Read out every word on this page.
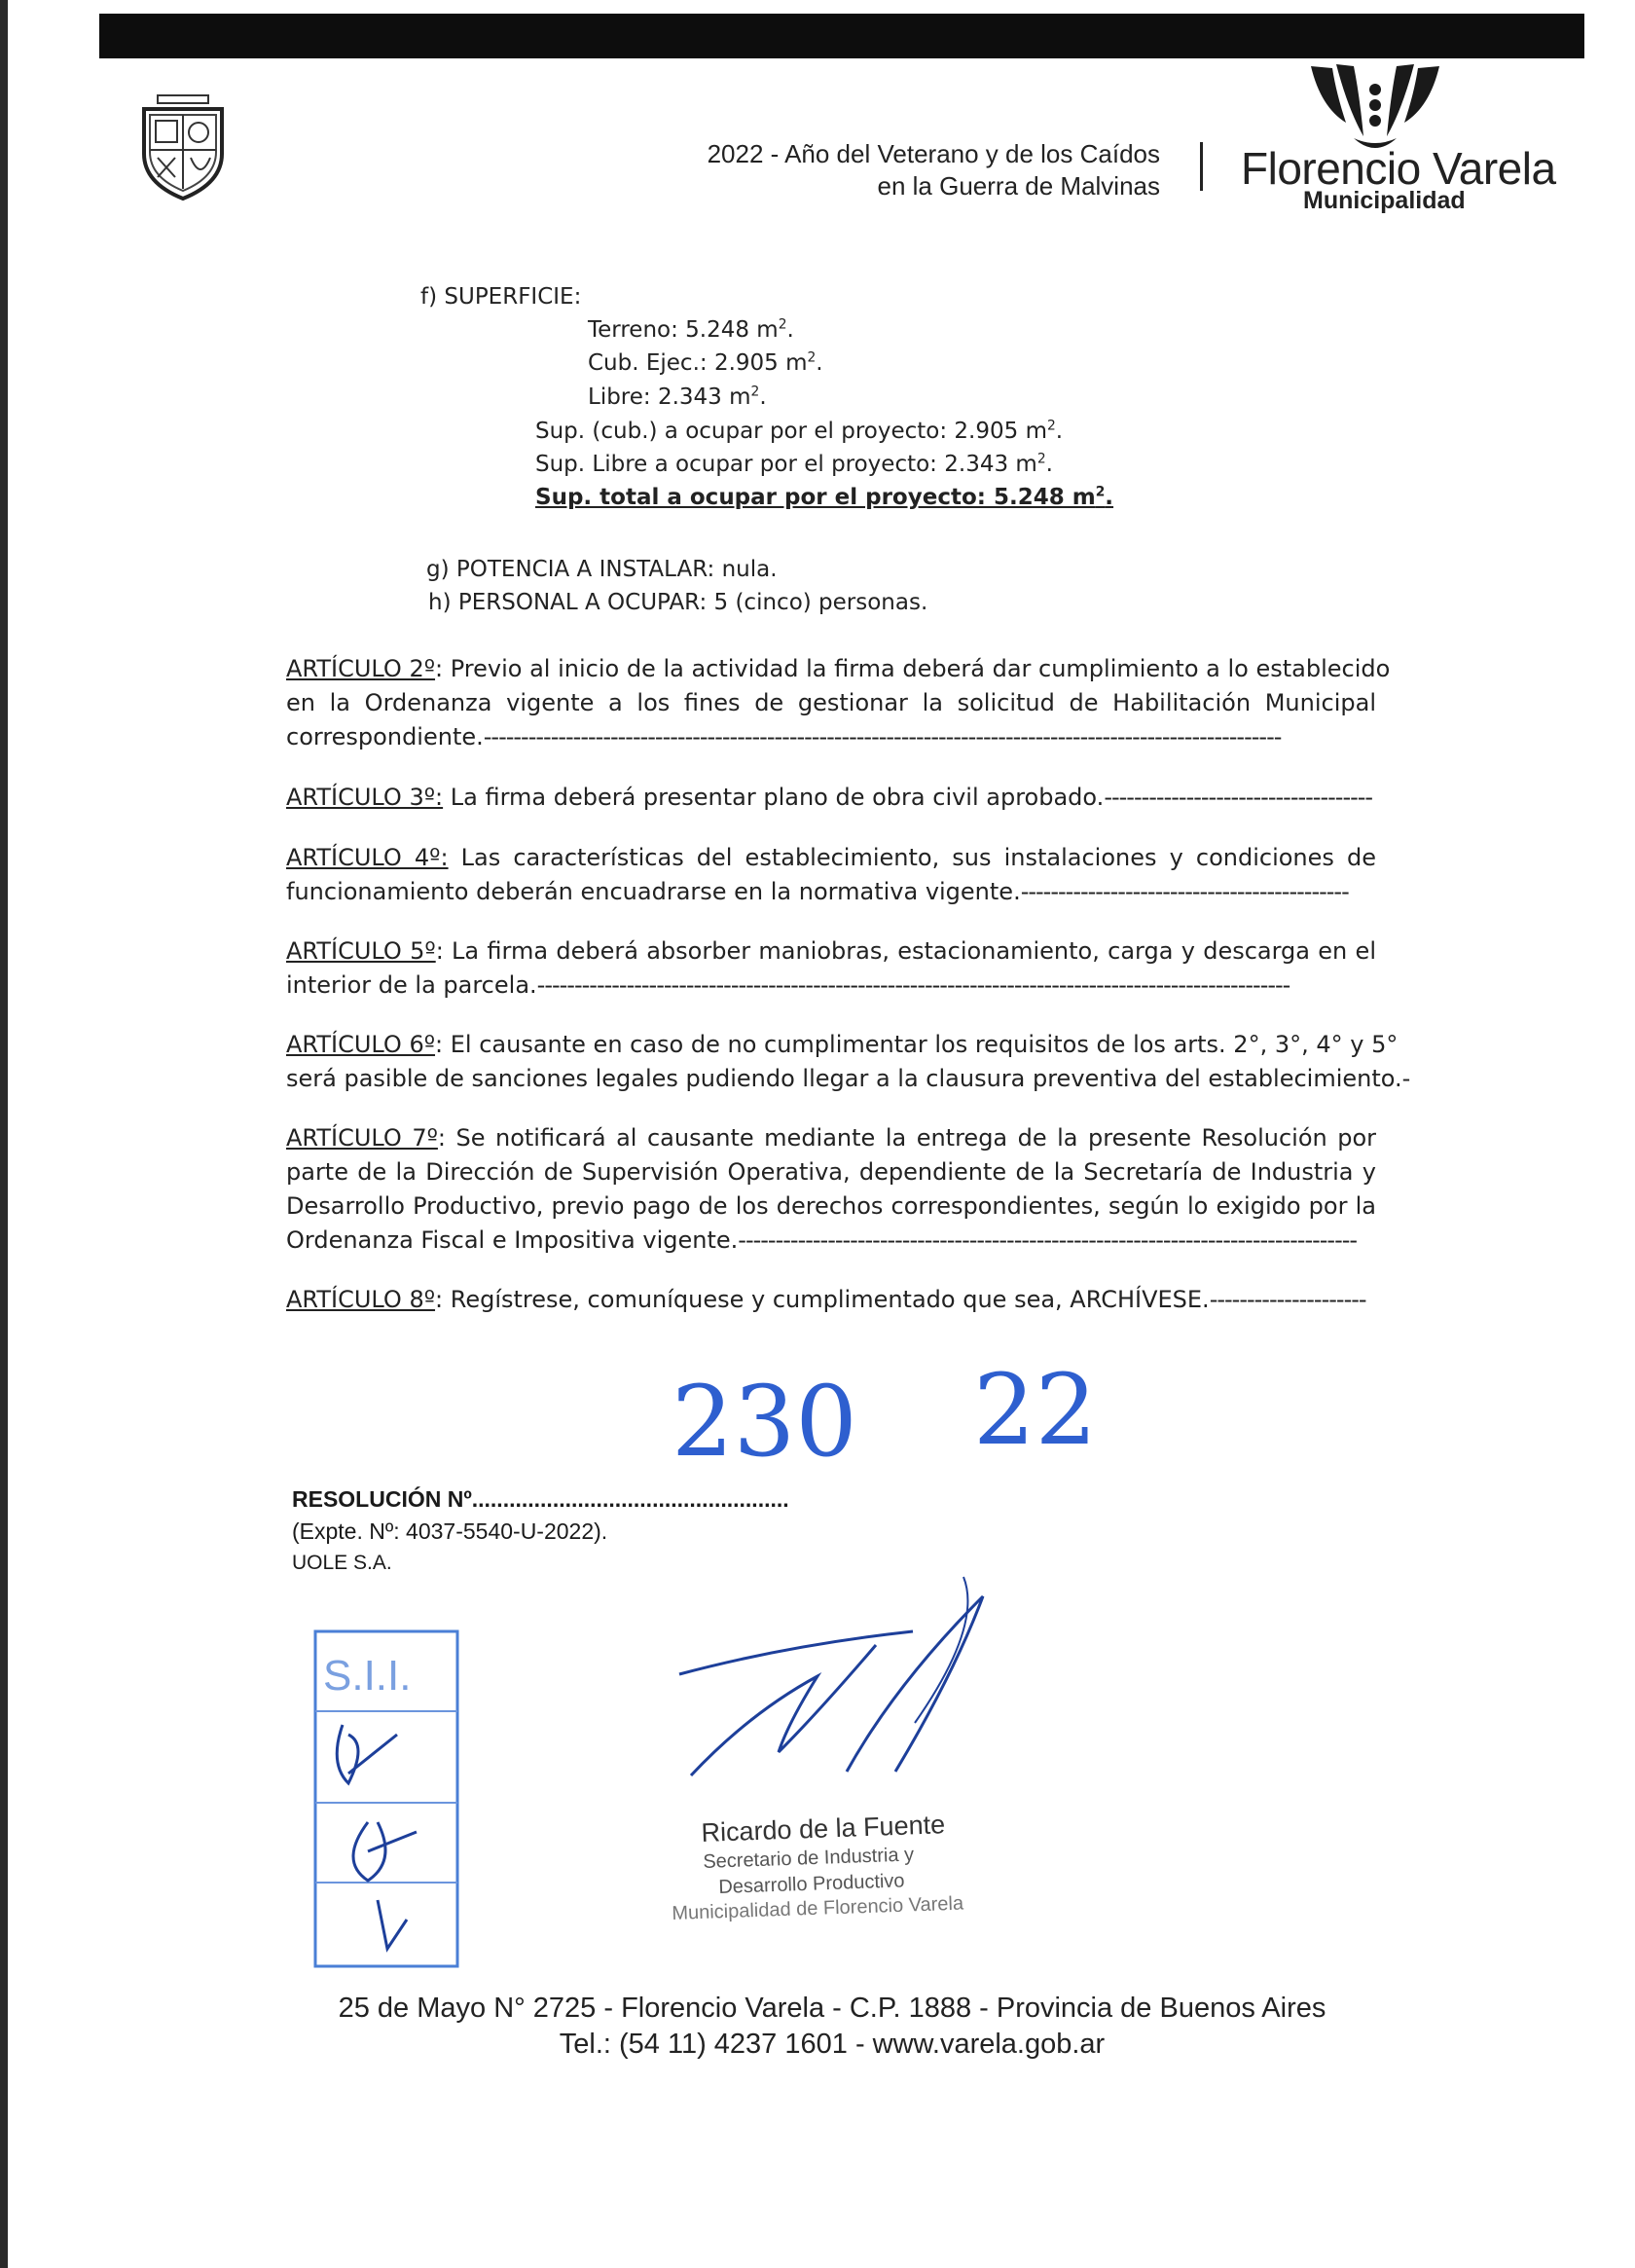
2022 - Año del Veterano y de los Caídos
en la Guerra de Malvinas Florencio Varela
Municipalidad
f) SUPERFICIE:
Terreno: 5.248 $m^2$.
Cub. Ejec.: 2.905 $m^2$.
Libre: 2.343 $m^2$.
Sup. (cub.) a ocupar por el proyecto: 2.905 $m^2$.
Sup. Libre a ocupar por el proyecto: 2.343 $m^2$.
Sup. total a ocupar por el proyecto: 5.248 $m^2$.
g) POTENCIA A INSTALAR: nula.
h) PERSONAL A OCUPAR: 5 (cinco) personas.
ARTÍCULO 2º: Previo al inicio de la actividad la firma deberá dar cumplimiento a lo establecido
en la Ordenanza vigente a los fines de gestionar la solicitud de Habilitación Municipal
correspondiente.-----------------------------------------------------------------------------------------------------------
ARTÍCULO 3º: La firma deberá presentar plano de obra civil aprobado.------------------------------------
ARTÍCULO 4º: Las características del establecimiento, sus instalaciones y condiciones de
funcionamiento deberán encuadrarse en la normativa vigente.--------------------------------------------
ARTÍCULO 5º: La firma deberá absorber maniobras, estacionamiento, carga y descarga en el
interior de la parcela.-----------------------------------------------------------------------------------------------------
ARTÍCULO 6º: El causante en caso de no cumplimentar los requisitos de los arts. 2°, 3°, 4° y 5°
será pasible de sanciones legales pudiendo llegar a la clausura preventiva del establecimiento.-
ARTÍCULO 7º: Se notificará al causante mediante la entrega de la presente Resolución por
parte de la Dirección de Supervisión Operativa, dependiente de la Secretaría de Industria y
Desarrollo Productivo, previo pago de los derechos correspondientes, según lo exigido por la
Ordenanza Fiscal e Impositiva vigente.-----------------------------------------------------------------------------------
ARTÍCULO 8º: Regístrese, comuníquese y cumplimentado que sea, ARCHÍVESE.---------------------
230 22
RESOLUCIÓN Nº...................................................
(Expte. Nº: 4037-5540-U-2022).
UOLE S.A.
S.I.I.
Ricardo de la Fuente
Secretario de Industria y
Desarrollo Productivo
Municipalidad de Florencio Varela
25 de Mayo N° 2725 - Florencio Varela - C.P. 1888 - Provincia de Buenos Aires
Tel.: (54 11) 4237 1601 - www.varela.gob.ar
